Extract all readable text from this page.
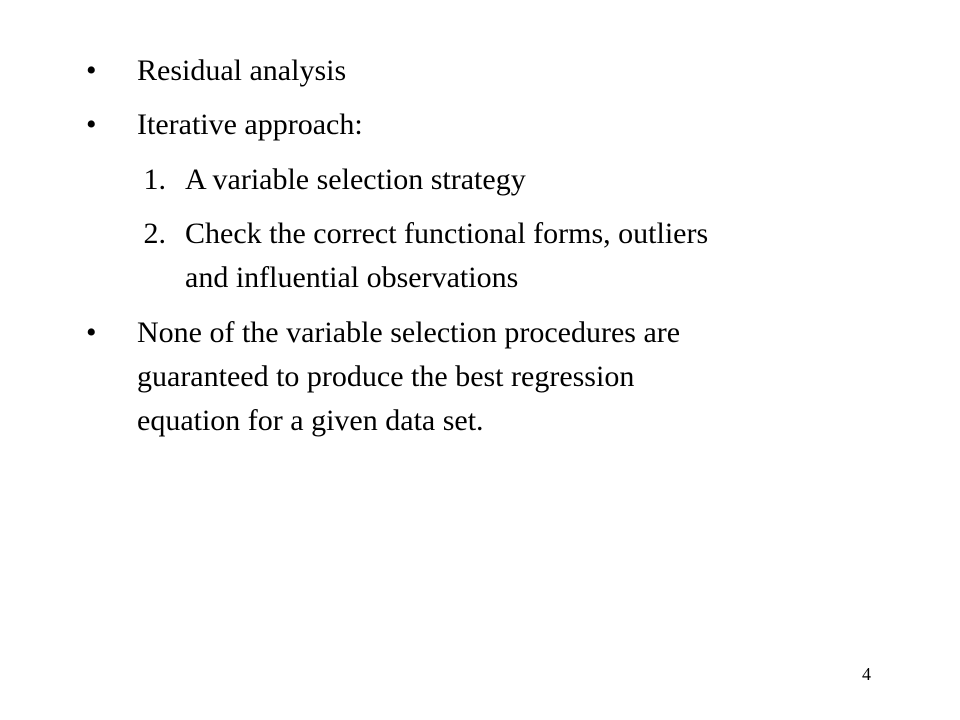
• Residual analysis
• Iterative approach:
1. A variable selection strategy
2. Check the correct functional forms, outliers
and influential observations
• None of the variable selection procedures are
guaranteed to produce the best regression
equation for a given data set.
4
